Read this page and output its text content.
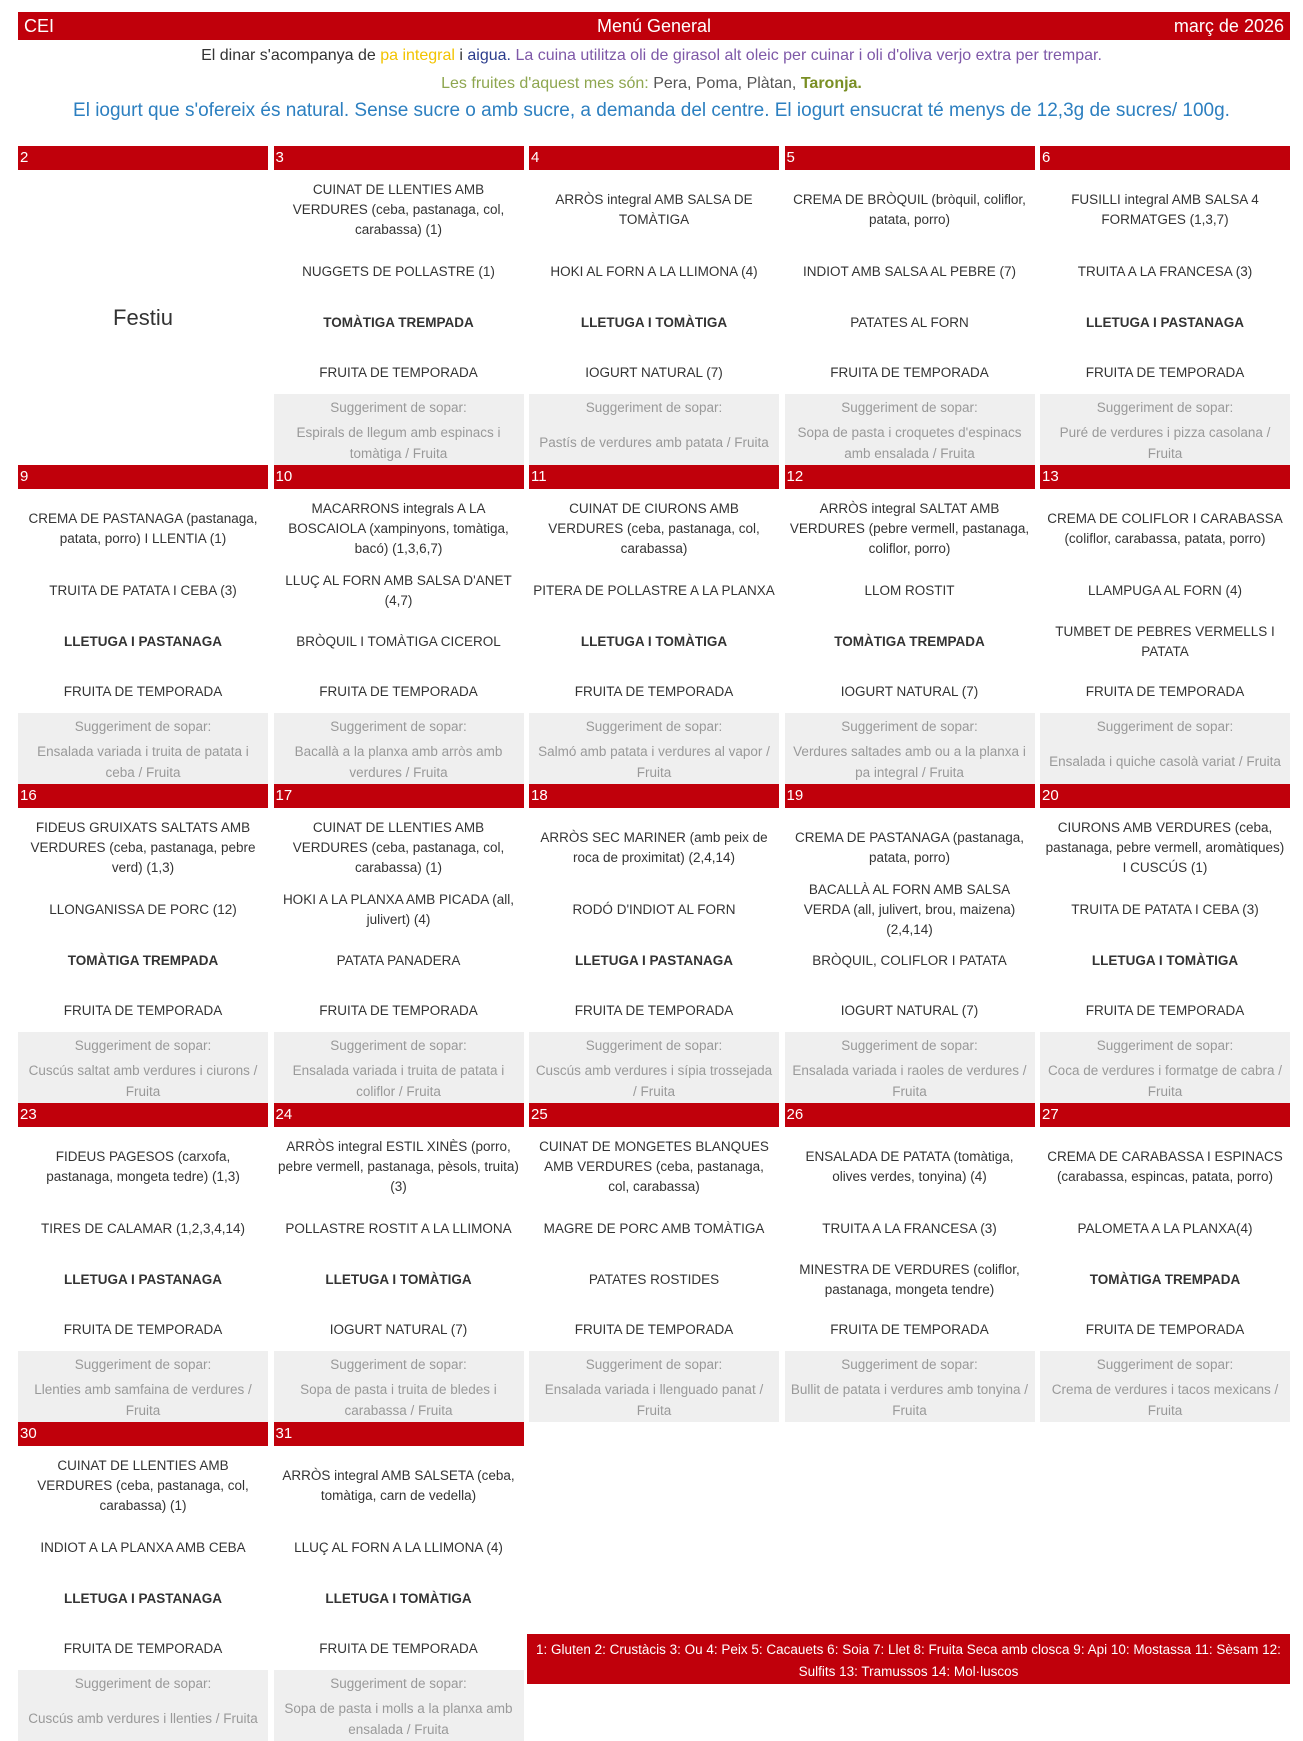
CEI	Menú General	març de 2026
El dinar s'acompanya de pa integral i aigua. La cuina utilitza oli de girasol alt oleic per cuinar i oli d'oliva verjo extra per trempar.
Les fruites d'aquest mes són: Pera, Poma, Plàtan, Taronja.
El iogurt que s'ofereix és natural. Sense sucre o amb sucre, a demanda del centre. El iogurt ensucrat té menys de 12,3g de sucres/ 100g.
2
Festiu
3
CUINAT DE LLENTIES AMB VERDURES (ceba, pastanaga, col, carabassa) (1)
NUGGETS DE POLLASTRE (1)
TOMÀTIGA TREMPADA
FRUITA DE TEMPORADA
Suggeriment de sopar:
Espirals de llegum amb espinacs i tomàtiga / Fruita
4
ARRÒS integral AMB SALSA DE TOMÀTIGA
HOKI AL FORN A LA LLIMONA (4)
LLETUGA I TOMÀTIGA
IOGURT NATURAL (7)
Suggeriment de sopar:
Pastís de verdures amb patata / Fruita
5
CREMA DE BRÒQUIL (bròquil, coliflor, patata, porro)
INDIOT AMB SALSA AL PEBRE (7)
PATATES AL FORN
FRUITA DE TEMPORADA
Suggeriment de sopar:
Sopa de pasta i croquetes d'espinacs amb ensalada / Fruita
6
FUSILLI integral AMB SALSA 4 FORMATGES (1,3,7)
TRUITA A LA FRANCESA (3)
LLETUGA I PASTANAGA
FRUITA DE TEMPORADA
Suggeriment de sopar:
Puré de verdures i pizza casolana / Fruita
9
CREMA DE PASTANAGA (pastanaga, patata, porro) I LLENTIA (1)
TRUITA DE PATATA I CEBA (3)
LLETUGA I PASTANAGA
FRUITA DE TEMPORADA
Suggeriment de sopar:
Ensalada variada i truita de patata i ceba / Fruita
10
MACARRONS integrals A LA BOSCAIOLA (xampinyons, tomàtiga, bacó) (1,3,6,7)
LLUÇ AL FORN AMB SALSA D'ANET (4,7)
BRÒQUIL I TOMÀTIGA CICEROL
FRUITA DE TEMPORADA
Suggeriment de sopar:
Bacallà a la planxa amb arròs amb verdures / Fruita
11
CUINAT DE CIURONS AMB VERDURES (ceba, pastanaga, col, carabassa)
PITERA DE POLLASTRE A LA PLANXA
LLETUGA I TOMÀTIGA
FRUITA DE TEMPORADA
Suggeriment de sopar:
Salmó amb patata i verdures al vapor / Fruita
12
ARRÒS integral SALTAT AMB VERDURES (pebre vermell, pastanaga, coliflor, porro)
LLOM ROSTIT
TOMÀTIGA TREMPADA
IOGURT NATURAL (7)
Suggeriment de sopar:
Verdures saltades amb ou a la planxa i pa integral / Fruita
13
CREMA DE COLIFLOR I CARABASSA (coliflor, carabassa, patata, porro)
LLAMPUGA AL FORN (4)
TUMBET DE PEBRES VERMELLS I PATATA
FRUITA DE TEMPORADA
Suggeriment de sopar:
Ensalada i quiche casolà variat / Fruita
16
FIDEUS GRUIXATS SALTATS AMB VERDURES (ceba, pastanaga, pebre verd) (1,3)
LLONGANISSA DE PORC (12)
TOMÀTIGA TREMPADA
FRUITA DE TEMPORADA
Suggeriment de sopar:
Cuscús saltat amb verdures i ciurons / Fruita
17
CUINAT DE LLENTIES AMB VERDURES (ceba, pastanaga, col, carabassa) (1)
HOKI A LA PLANXA AMB PICADA (all, julivert) (4)
PATATA PANADERA
FRUITA DE TEMPORADA
Suggeriment de sopar:
Ensalada variada i truita de patata i coliflor / Fruita
18
ARRÒS SEC MARINER (amb peix de roca de proximitat) (2,4,14)
RODÓ D'INDIOT AL FORN
LLETUGA I PASTANAGA
FRUITA DE TEMPORADA
Suggeriment de sopar:
Cuscús amb verdures i sípia trossejada / Fruita
19
CREMA DE PASTANAGA (pastanaga, patata, porro)
BACALLÀ AL FORN AMB SALSA VERDA (all, julivert, brou, maizena) (2,4,14)
BRÒQUIL, COLIFLOR I PATATA
IOGURT NATURAL (7)
Suggeriment de sopar:
Ensalada variada i raoles de verdures / Fruita
20
CIURONS AMB VERDURES (ceba, pastanaga, pebre vermell, aromàtiques) I CUSCÚS (1)
TRUITA DE PATATA I CEBA (3)
LLETUGA I TOMÀTIGA
FRUITA DE TEMPORADA
Suggeriment de sopar:
Coca de verdures i formatge de cabra / Fruita
23
FIDEUS PAGESOS (carxofa, pastanaga, mongeta tedre) (1,3)
TIRES DE CALAMAR (1,2,3,4,14)
LLETUGA I PASTANAGA
FRUITA DE TEMPORADA
Suggeriment de sopar:
Llenties amb samfaina de verdures / Fruita
24
ARRÒS integral ESTIL XINÈS (porro, pebre vermell, pastanaga, pèsols, truita) (3)
POLLASTRE ROSTIT A LA LLIMONA
LLETUGA I TOMÀTIGA
IOGURT NATURAL (7)
Suggeriment de sopar:
Sopa de pasta i truita de bledes i carabassa / Fruita
25
CUINAT DE MONGETES BLANQUES AMB VERDURES (ceba, pastanaga, col, carabassa)
MAGRE DE PORC AMB TOMÀTIGA
PATATES ROSTIDES
FRUITA DE TEMPORADA
Suggeriment de sopar:
Ensalada variada i llenguado panat / Fruita
26
ENSALADA DE PATATA (tomàtiga, olives verdes, tonyina) (4)
TRUITA A LA FRANCESA (3)
MINESTRA DE VERDURES (coliflor, pastanaga, mongeta tendre)
FRUITA DE TEMPORADA
Suggeriment de sopar:
Bullit de patata i verdures amb tonyina / Fruita
27
CREMA DE CARABASSA I ESPINACS (carabassa, espincas, patata, porro)
PALOMETA A LA PLANXA(4)
TOMÀTIGA TREMPADA
FRUITA DE TEMPORADA
Suggeriment de sopar:
Crema de verdures i tacos mexicans / Fruita
30
CUINAT DE LLENTIES AMB VERDURES (ceba, pastanaga, col, carabassa) (1)
INDIOT A LA PLANXA AMB CEBA
LLETUGA I PASTANAGA
FRUITA DE TEMPORADA
Suggeriment de sopar:
Cuscús amb verdures i llenties / Fruita
31
ARRÒS integral AMB SALSETA (ceba, tomàtiga, carn de vedella)
LLUÇ AL FORN A LA LLIMONA (4)
LLETUGA I TOMÀTIGA
FRUITA DE TEMPORADA
Suggeriment de sopar:
Sopa de pasta i molls a la planxa amb ensalada / Fruita
1: Gluten 2: Crustàcis 3: Ou 4: Peix 5: Cacauets 6: Soia 7: Llet 8: Fruita Seca amb closca 9: Api 10: Mostassa 11: Sèsam 12: Sulfits 13: Tramussos 14: Mol·luscos
